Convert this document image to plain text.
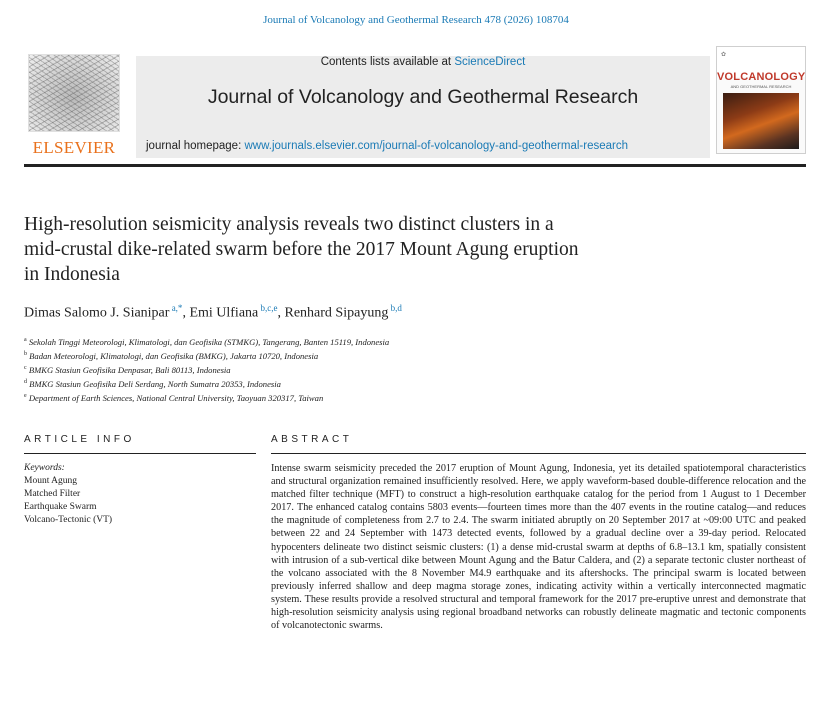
Journal of Volcanology and Geothermal Research 478 (2026) 108704
ELSEVIER
Contents lists available at ScienceDirect
Journal of Volcanology and Geothermal Research
journal homepage: www.journals.elsevier.com/journal-of-volcanology-and-geothermal-research
✿
VOLCANOLOGY
AND GEOTHERMAL RESEARCH
High-resolution seismicity analysis reveals two distinct clusters in a
mid-crustal dike-related swarm before the 2017 Mount Agung eruption
in Indonesia
Dimas Salomo J. Sianipar $^{a,*}$, Emi Ulfiana $^{b,c,e}$, Renhard Sipayung $^{b,d}$
$^a$ Sekolah Tinggi Meteorologi, Klimatologi, dan Geofisika (STMKG), Tangerang, Banten 15119, Indonesia
$^b$ Badan Meteorologi, Klimatologi, dan Geofisika (BMKG), Jakarta 10720, Indonesia
$^c$ BMKG Stasiun Geofisika Denpasar, Bali 80113, Indonesia
$^d$ BMKG Stasiun Geofisika Deli Serdang, North Sumatra 20353, Indonesia
$^e$ Department of Earth Sciences, National Central University, Taoyuan 320317, Taiwan
ARTICLE INFO	ABSTRACT
Keywords:
Mount Agung
Matched Filter
Earthquake Swarm
Volcano-Tectonic (VT)
Intense swarm seismicity preceded the 2017 eruption of Mount Agung, Indonesia, yet its detailed spatiotemporal characteristics and structural organization remained insufficiently resolved. Here, we apply waveform-based double-difference relocation and the matched filter technique (MFT) to construct a high-resolution earthquake catalog for the period from 1 August to 1 December 2017. The enhanced catalog contains 5803 events—fourteen times more than the 407 events in the routine catalog—and reduces the magnitude of completeness from 2.7 to 2.4. The swarm initiated abruptly on 20 September 2017 at ~09:00 UTC and peaked between 22 and 24 September with 1473 detected events, followed by a gradual decline over a 39-day period. Relocated hypocenters delineate two distinct seismic clusters: (1) a dense mid-crustal swarm at depths of 6.8–13.1 km, spatially consistent with intrusion of a sub-vertical dike between Mount Agung and the Batur Caldera, and (2) a separate tectonic cluster northeast of the volcano associated with the 8 November M4.9 earthquake and its aftershocks. The principal swarm is located between previously inferred shallow and deep magma storage zones, indicating activity within a vertically interconnected magmatic system. These results provide a resolved structural and temporal framework for the 2017 pre-eruptive unrest and demonstrate that high-resolution seismicity analysis using regional broadband networks can robustly delineate magmatic and tectonic components of volcanotectonic swarms.
